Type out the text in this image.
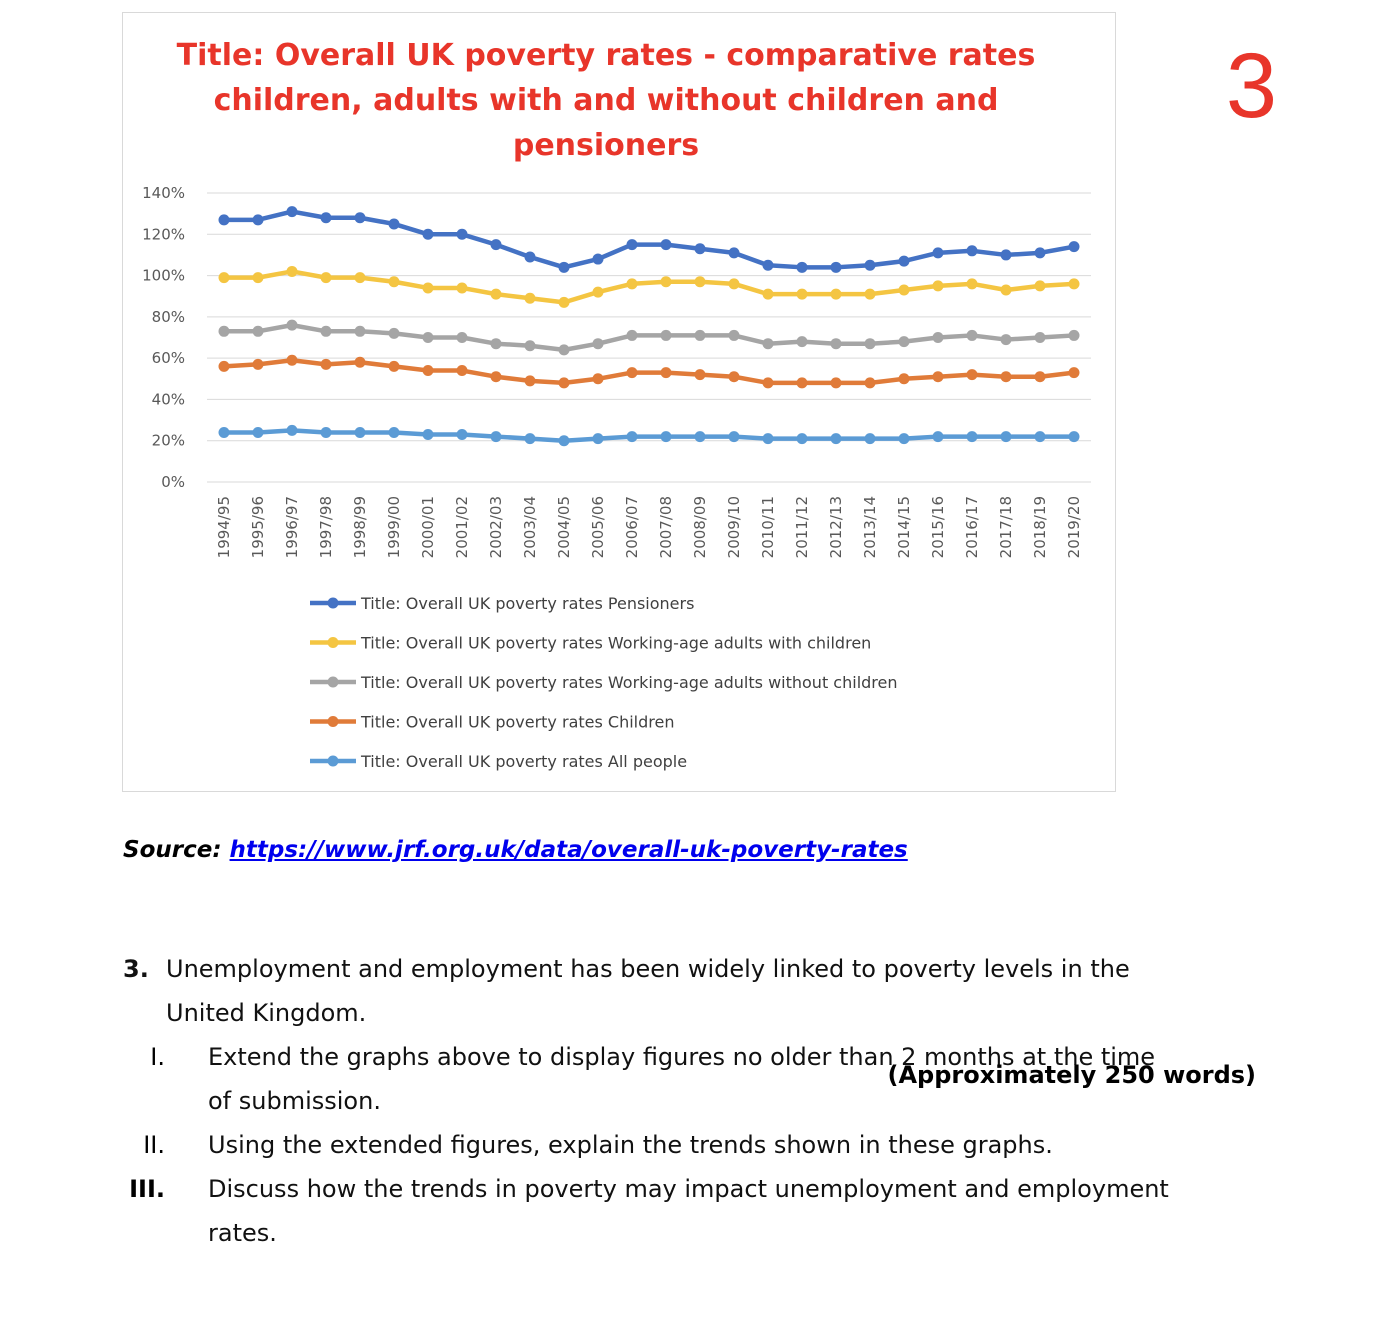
Title: Overall UK poverty rates - comparative rates children, adults with and without children and pensioners
3
0%
20%
40%
60%
80%
100%
120%
140%
1994/95 1995/96 1996/97 1997/98 1998/99 1999/00 2000/01 2001/02 2002/03 2003/04 2004/05 2005/06 2006/07 2007/08 2008/09 2009/10 2010/11 2011/12 2012/13 2013/14 2014/15 2015/16 2016/17 2017/18 2018/19 2019/20
Title: Overall UK poverty rates Pensioners
Title: Overall UK poverty rates Working-age adults with children
Title: Overall UK poverty rates Working-age adults without children
Title: Overall UK poverty rates Children
Title: Overall UK poverty rates All people
Source: https://www.jrf.org.uk/data/overall-uk-poverty-rates
3. Unemployment and employment has been widely linked to poverty levels in the
United Kingdom.
I. Extend the graphs above to display figures no older than 2 months at the time
of submission.
II. Using the extended figures, explain the trends shown in these graphs.
III. Discuss how the trends in poverty may impact unemployment and employment
rates.
(Approximately 250 words)
